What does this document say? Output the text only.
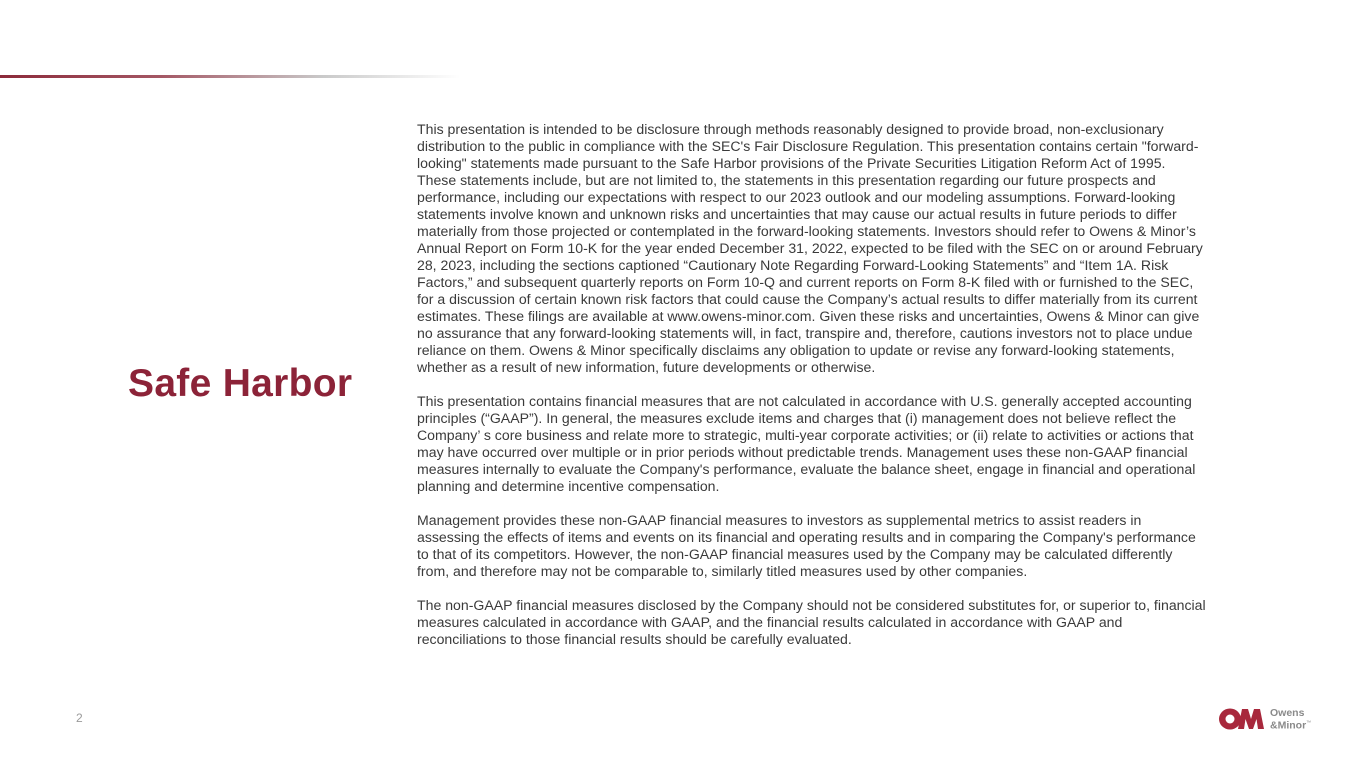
Safe Harbor

This presentation is intended to be disclosure through methods reasonably designed to provide broad, non-exclusionary distribution to the public in compliance with the SEC's Fair Disclosure Regulation. This presentation contains certain "forward-looking" statements made pursuant to the Safe Harbor provisions of the Private Securities Litigation Reform Act of 1995. These statements include, but are not limited to, the statements in this presentation regarding our future prospects and performance, including our expectations with respect to our 2023 outlook and our modeling assumptions. Forward-looking statements involve known and unknown risks and uncertainties that may cause our actual results in future periods to differ materially from those projected or contemplated in the forward-looking statements. Investors should refer to Owens & Minor’s Annual Report on Form 10-K for the year ended December 31, 2022, expected to be filed with the SEC on or around February 28, 2023, including the sections captioned “Cautionary Note Regarding Forward-Looking Statements” and “Item 1A. Risk Factors,” and subsequent quarterly reports on Form 10-Q and current reports on Form 8-K filed with or furnished to the SEC, for a discussion of certain known risk factors that could cause the Company’s actual results to differ materially from its current estimates. These filings are available at www.owens-minor.com. Given these risks and uncertainties, Owens & Minor can give no assurance that any forward-looking statements will, in fact, transpire and, therefore, cautions investors not to place undue reliance on them. Owens & Minor specifically disclaims any obligation to update or revise any forward-looking statements, whether as a result of new information, future developments or otherwise.

This presentation contains financial measures that are not calculated in accordance with U.S. generally accepted accounting principles (“GAAP”). In general, the measures exclude items and charges that (i) management does not believe reflect the Company’ s core business and relate more to strategic, multi-year corporate activities; or (ii) relate to activities or actions that may have occurred over multiple or in prior periods without predictable trends. Management uses these non-GAAP financial measures internally to evaluate the Company's performance, evaluate the balance sheet, engage in financial and operational planning and determine incentive compensation.

Management provides these non-GAAP financial measures to investors as supplemental metrics to assist readers in assessing the effects of items and events on its financial and operating results and in comparing the Company's performance to that of its competitors. However, the non-GAAP financial measures used by the Company may be calculated differently from, and therefore may not be comparable to, similarly titled measures used by other companies.

The non-GAAP financial measures disclosed by the Company should not be considered substitutes for, or superior to, financial measures calculated in accordance with GAAP, and the financial results calculated in accordance with GAAP and reconciliations to those financial results should be carefully evaluated.

2	Owens
&Minor™
